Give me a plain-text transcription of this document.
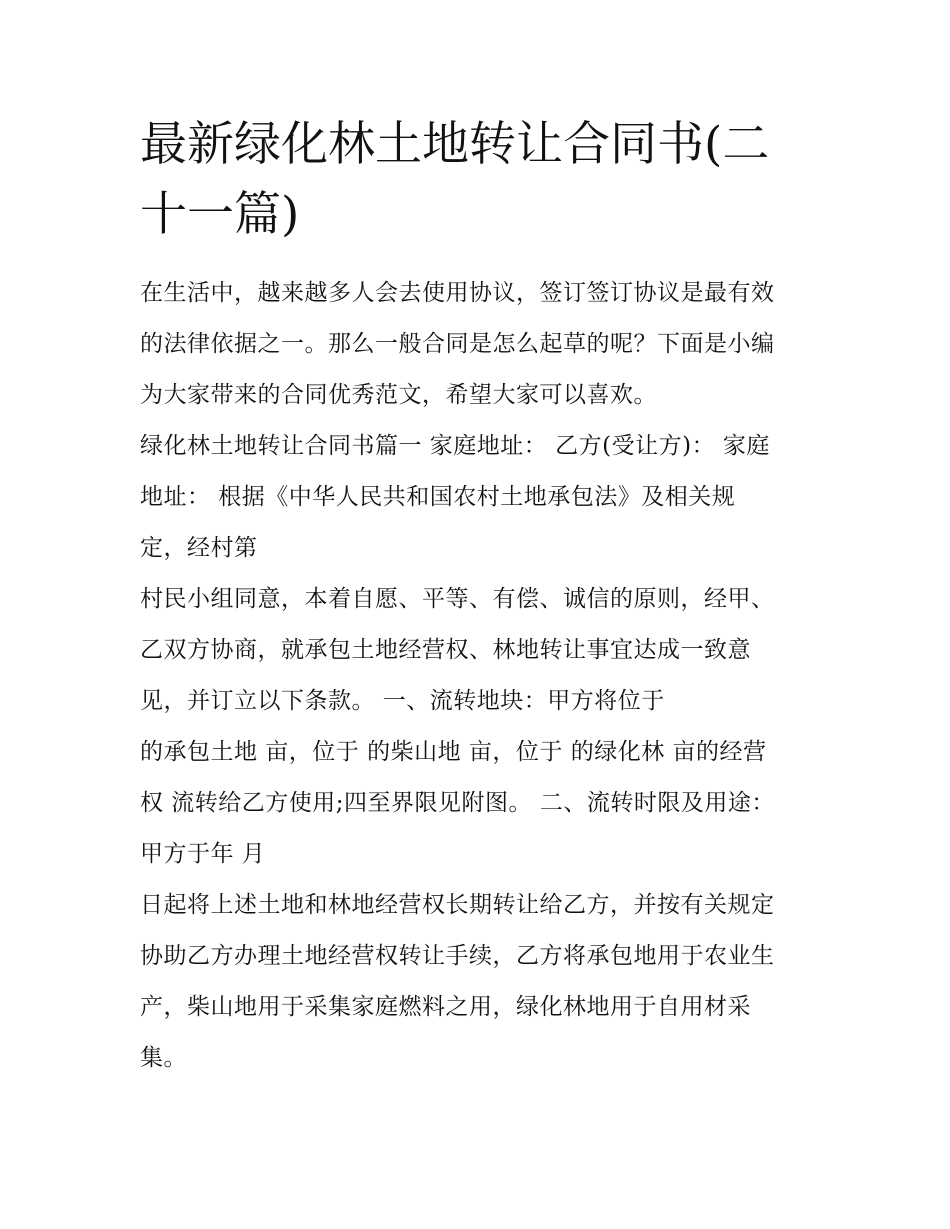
最新绿化林土地转让合同书(二
十一篇)

在生活中，越来越多人会去使用协议，签订签订协议是最有效
的法律依据之一。那么一般合同是怎么起草的呢？下面是小编
为大家带来的合同优秀范文，希望大家可以喜欢。

绿化林土地转让合同书篇一 家庭地址： 乙方(受让方)： 家庭
地址： 根据《中华人民共和国农村土地承包法》及相关规
定，经村第

村民小组同意，本着自愿、平等、有偿、诚信的原则，经甲、
乙双方协商，就承包土地经营权、林地转让事宜达成一致意
见，并订立以下条款。 一、流转地块：甲方将位于

的承包土地 亩，位于 的柴山地 亩，位于 的绿化林 亩的经营
权 流转给乙方使用;四至界限见附图。 二、流转时限及用途：
甲方于年 月

日起将上述土地和林地经营权长期转让给乙方，并按有关规定
协助乙方办理土地经营权转让手续，乙方将承包地用于农业生
产，柴山地用于采集家庭燃料之用，绿化林地用于自用材采
集。
